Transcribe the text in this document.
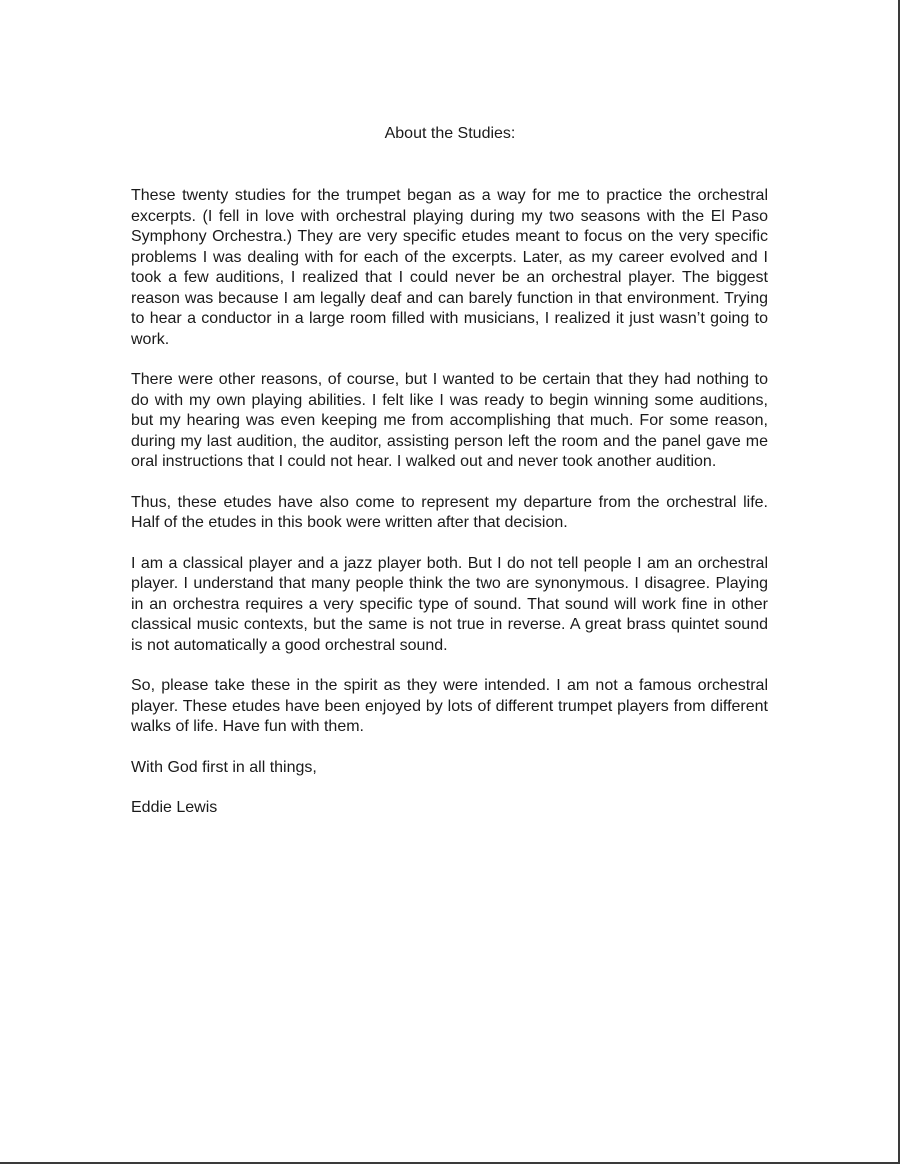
About the Studies:

These twenty studies for the trumpet began as a way for me to practice the orchestral excerpts. (I fell in love with orchestral playing during my two seasons with the El Paso Symphony Orchestra.) They are very specific etudes meant to focus on the very specific problems I was dealing with for each of the excerpts. Later, as my career evolved and I took a few auditions, I realized that I could never be an orchestral player. The biggest reason was because I am legally deaf and can barely function in that environment. Trying to hear a conductor in a large room filled with musicians, I realized it just wasn’t going to work.

There were other reasons, of course, but I wanted to be certain that they had nothing to do with my own playing abilities. I felt like I was ready to begin winning some auditions, but my hearing was even keeping me from accomplishing that much. For some reason, during my last audition, the auditor, assisting person left the room and the panel gave me oral instructions that I could not hear. I walked out and never took another audition.

Thus, these etudes have also come to represent my departure from the orchestral life. Half of the etudes in this book were written after that decision.

I am a classical player and a jazz player both. But I do not tell people I am an orchestral player. I understand that many people think the two are synonymous. I disagree. Playing in an orchestra requires a very specific type of sound. That sound will work fine in other classical music contexts, but the same is not true in reverse. A great brass quintet sound is not automatically a good orchestral sound.

So, please take these in the spirit as they were intended. I am not a famous orchestral player. These etudes have been enjoyed by lots of different trumpet players from different walks of life. Have fun with them.

With God first in all things,

Eddie Lewis
